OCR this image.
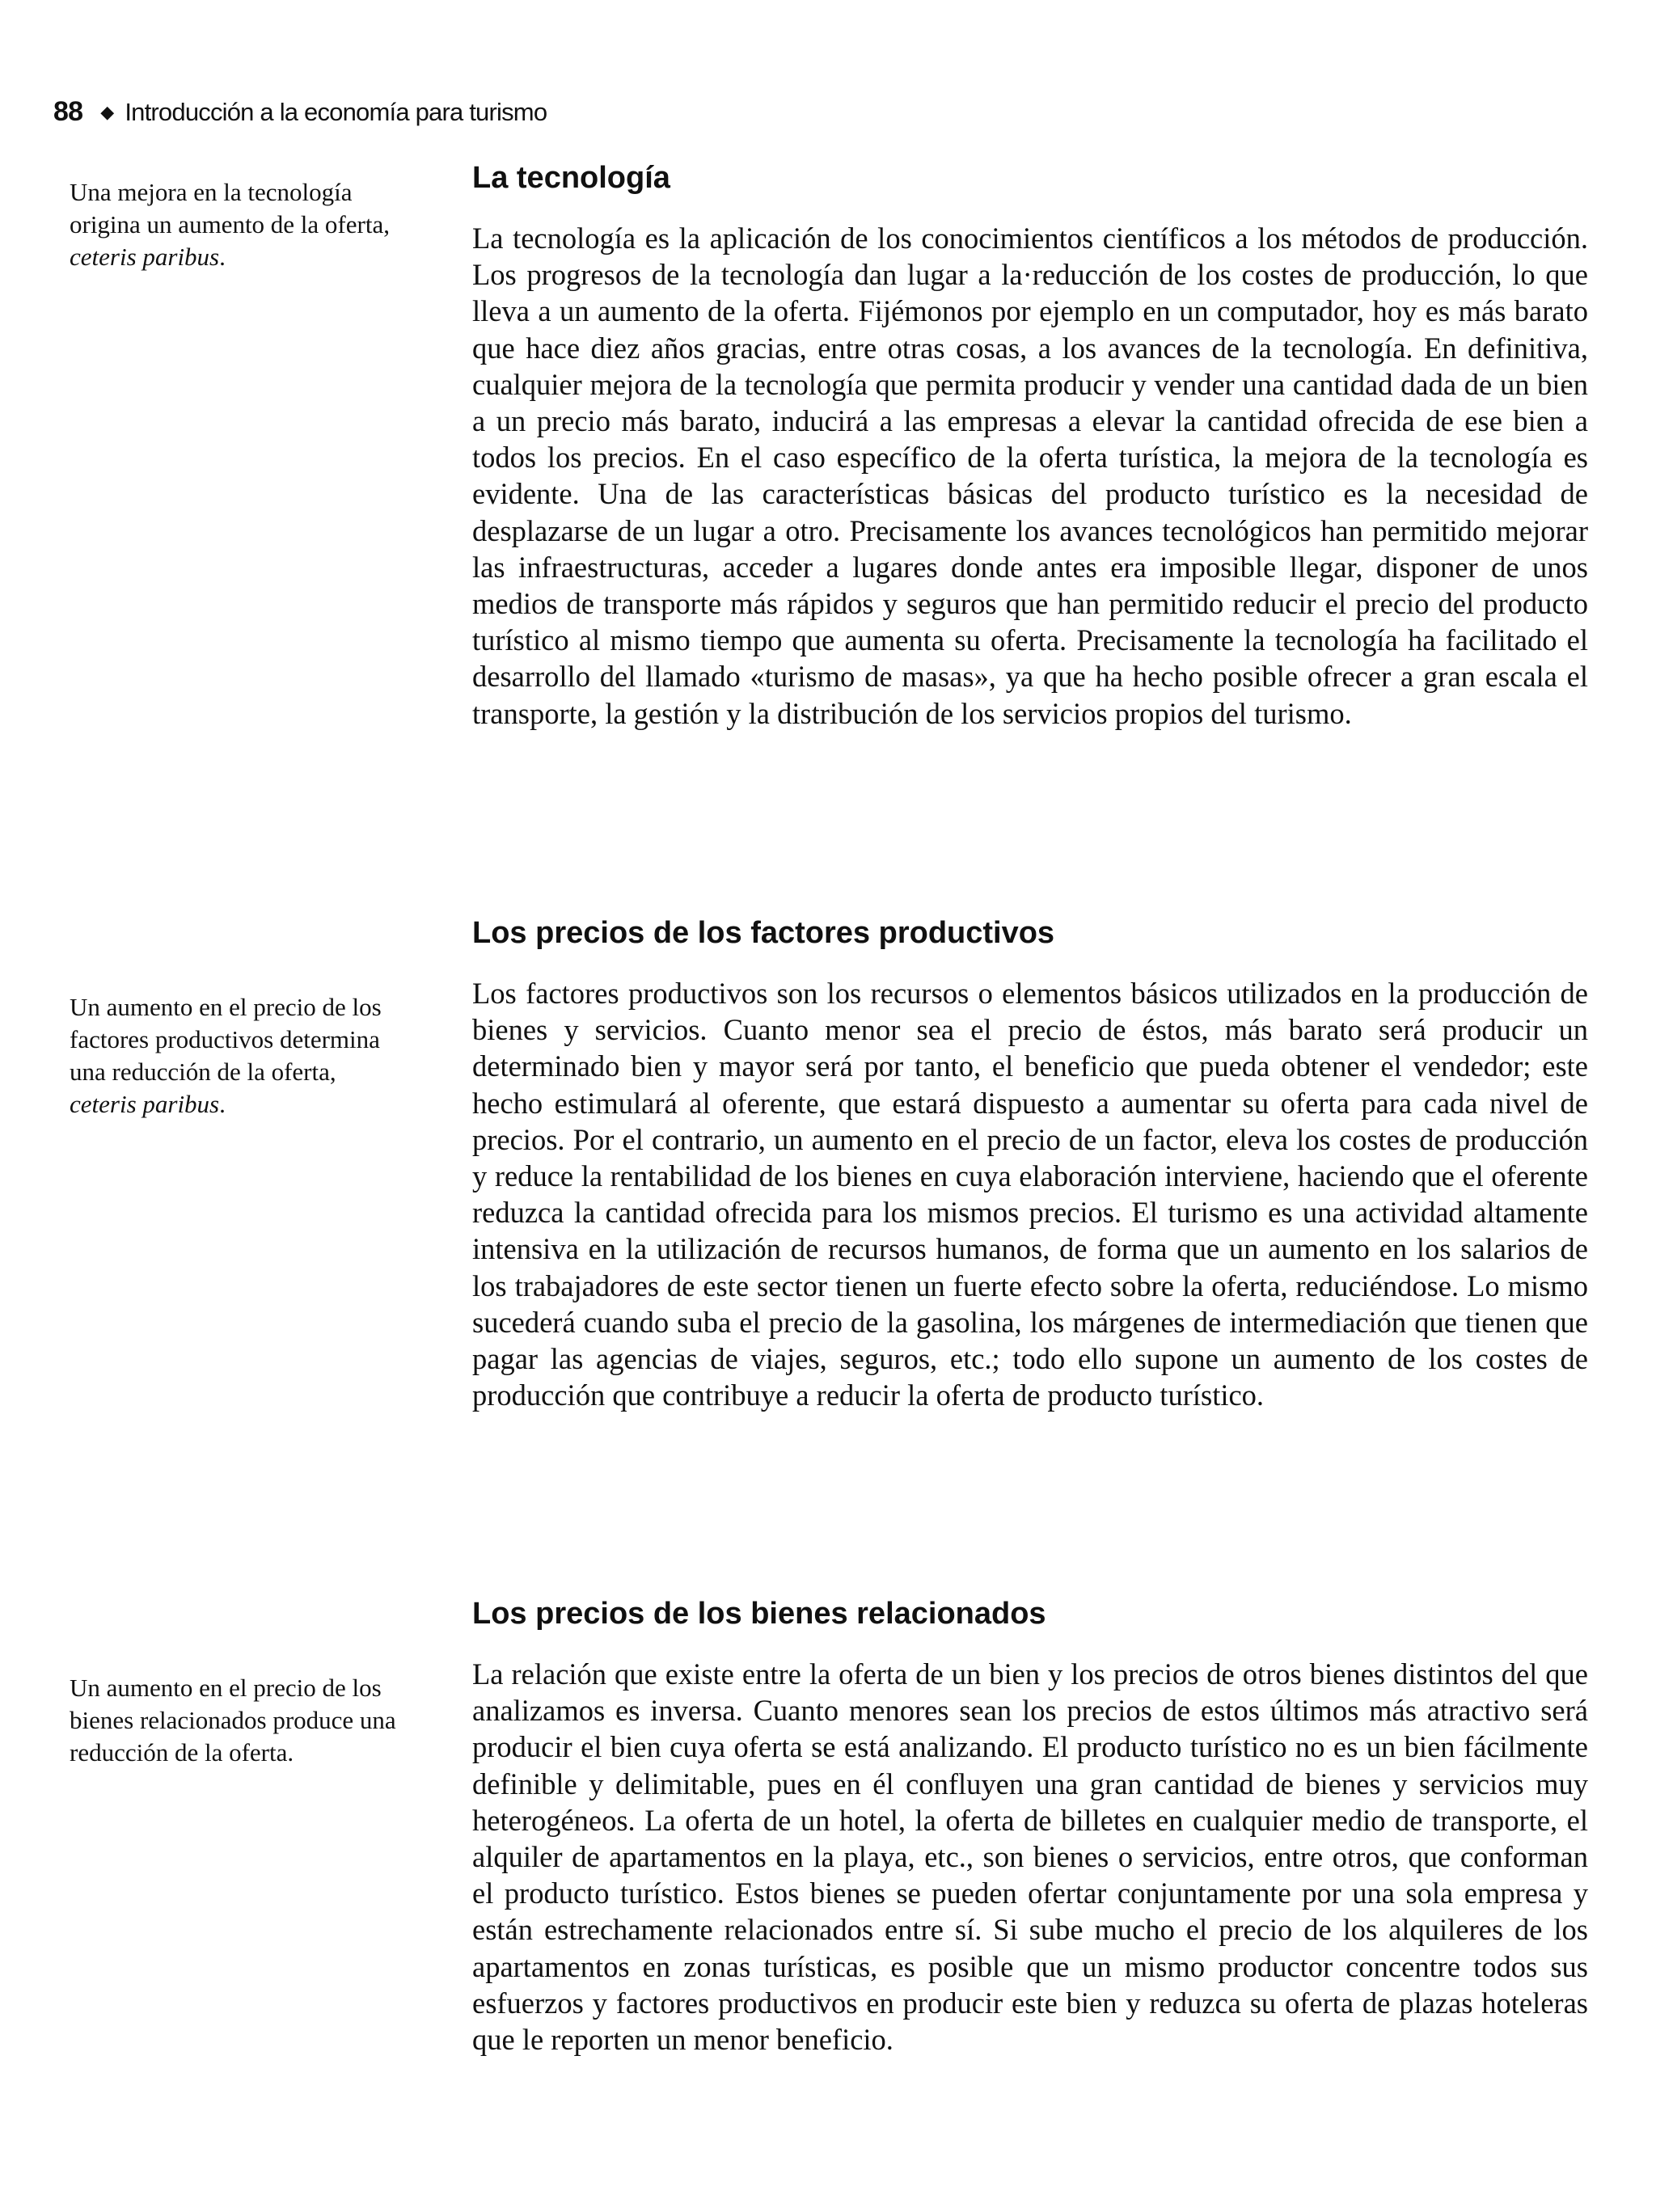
88 ◆ Introducción a la economía para turismo
Una mejora en la tecnología origina un aumento de la oferta, ceteris paribus.
Un aumento en el precio de los factores productivos determina una reducción de la oferta, ceteris paribus.
Un aumento en el precio de los bienes relacionados produce una reducción de la oferta.
La tecnología

La tecnología es la aplicación de los conocimientos científicos a los métodos de producción. Los progresos de la tecnología dan lugar a la·reducción de los costes de producción, lo que lleva a un aumento de la oferta. Fijémonos por ejemplo en un computador, hoy es más barato que hace diez años gracias, entre otras cosas, a los avances de la tecnología. En definitiva, cualquier mejora de la tecnología que permita producir y vender una cantidad dada de un bien a un precio más barato, inducirá a las empresas a elevar la cantidad ofrecida de ese bien a todos los precios. En el caso específico de la oferta turística, la mejora de la tecnología es evidente. Una de las características básicas del producto turístico es la necesidad de desplazarse de un lugar a otro. Precisamente los avances tecnológicos han permitido mejorar las infraestructuras, acceder a lugares donde antes era imposible llegar, disponer de unos medios de transporte más rápidos y seguros que han permitido reducir el precio del producto turístico al mismo tiempo que aumenta su oferta. Precisamente la tecnología ha facilitado el desarrollo del llamado «turismo de masas», ya que ha hecho posible ofrecer a gran escala el transporte, la gestión y la distribución de los servicios propios del turismo.

Los precios de los factores productivos

Los factores productivos son los recursos o elementos básicos utilizados en la producción de bienes y servicios. Cuanto menor sea el precio de éstos, más barato será producir un determinado bien y mayor será por tanto, el beneficio que pueda obtener el vendedor; este hecho estimulará al oferente, que estará dispuesto a aumentar su oferta para cada nivel de precios. Por el contrario, un aumento en el precio de un factor, eleva los costes de producción y reduce la rentabilidad de los bienes en cuya elaboración interviene, haciendo que el oferente reduzca la cantidad ofrecida para los mismos precios. El turismo es una actividad altamente intensiva en la utilización de recursos humanos, de forma que un aumento en los salarios de los trabajadores de este sector tienen un fuerte efecto sobre la oferta, reduciéndose. Lo mismo sucederá cuando suba el precio de la gasolina, los márgenes de intermediación que tienen que pagar las agencias de viajes, seguros, etc.; todo ello supone un aumento de los costes de producción que contribuye a reducir la oferta de producto turístico.

Los precios de los bienes relacionados

La relación que existe entre la oferta de un bien y los precios de otros bienes distintos del que analizamos es inversa. Cuanto menores sean los precios de estos últimos más atractivo será producir el bien cuya oferta se está analizando. El producto turístico no es un bien fácilmente definible y delimitable, pues en él confluyen una gran cantidad de bienes y servicios muy heterogéneos. La oferta de un hotel, la oferta de billetes en cualquier medio de transporte, el alquiler de apartamentos en la playa, etc., son bienes o servicios, entre otros, que conforman el producto turístico. Estos bienes se pueden ofertar conjuntamente por una sola empresa y están estrechamente relacionados entre sí. Si sube mucho el precio de los alquileres de los apartamentos en zonas turísticas, es posible que un mismo productor concentre todos sus esfuerzos y factores productivos en producir este bien y reduzca su oferta de plazas hoteleras que le reporten un menor beneficio.
